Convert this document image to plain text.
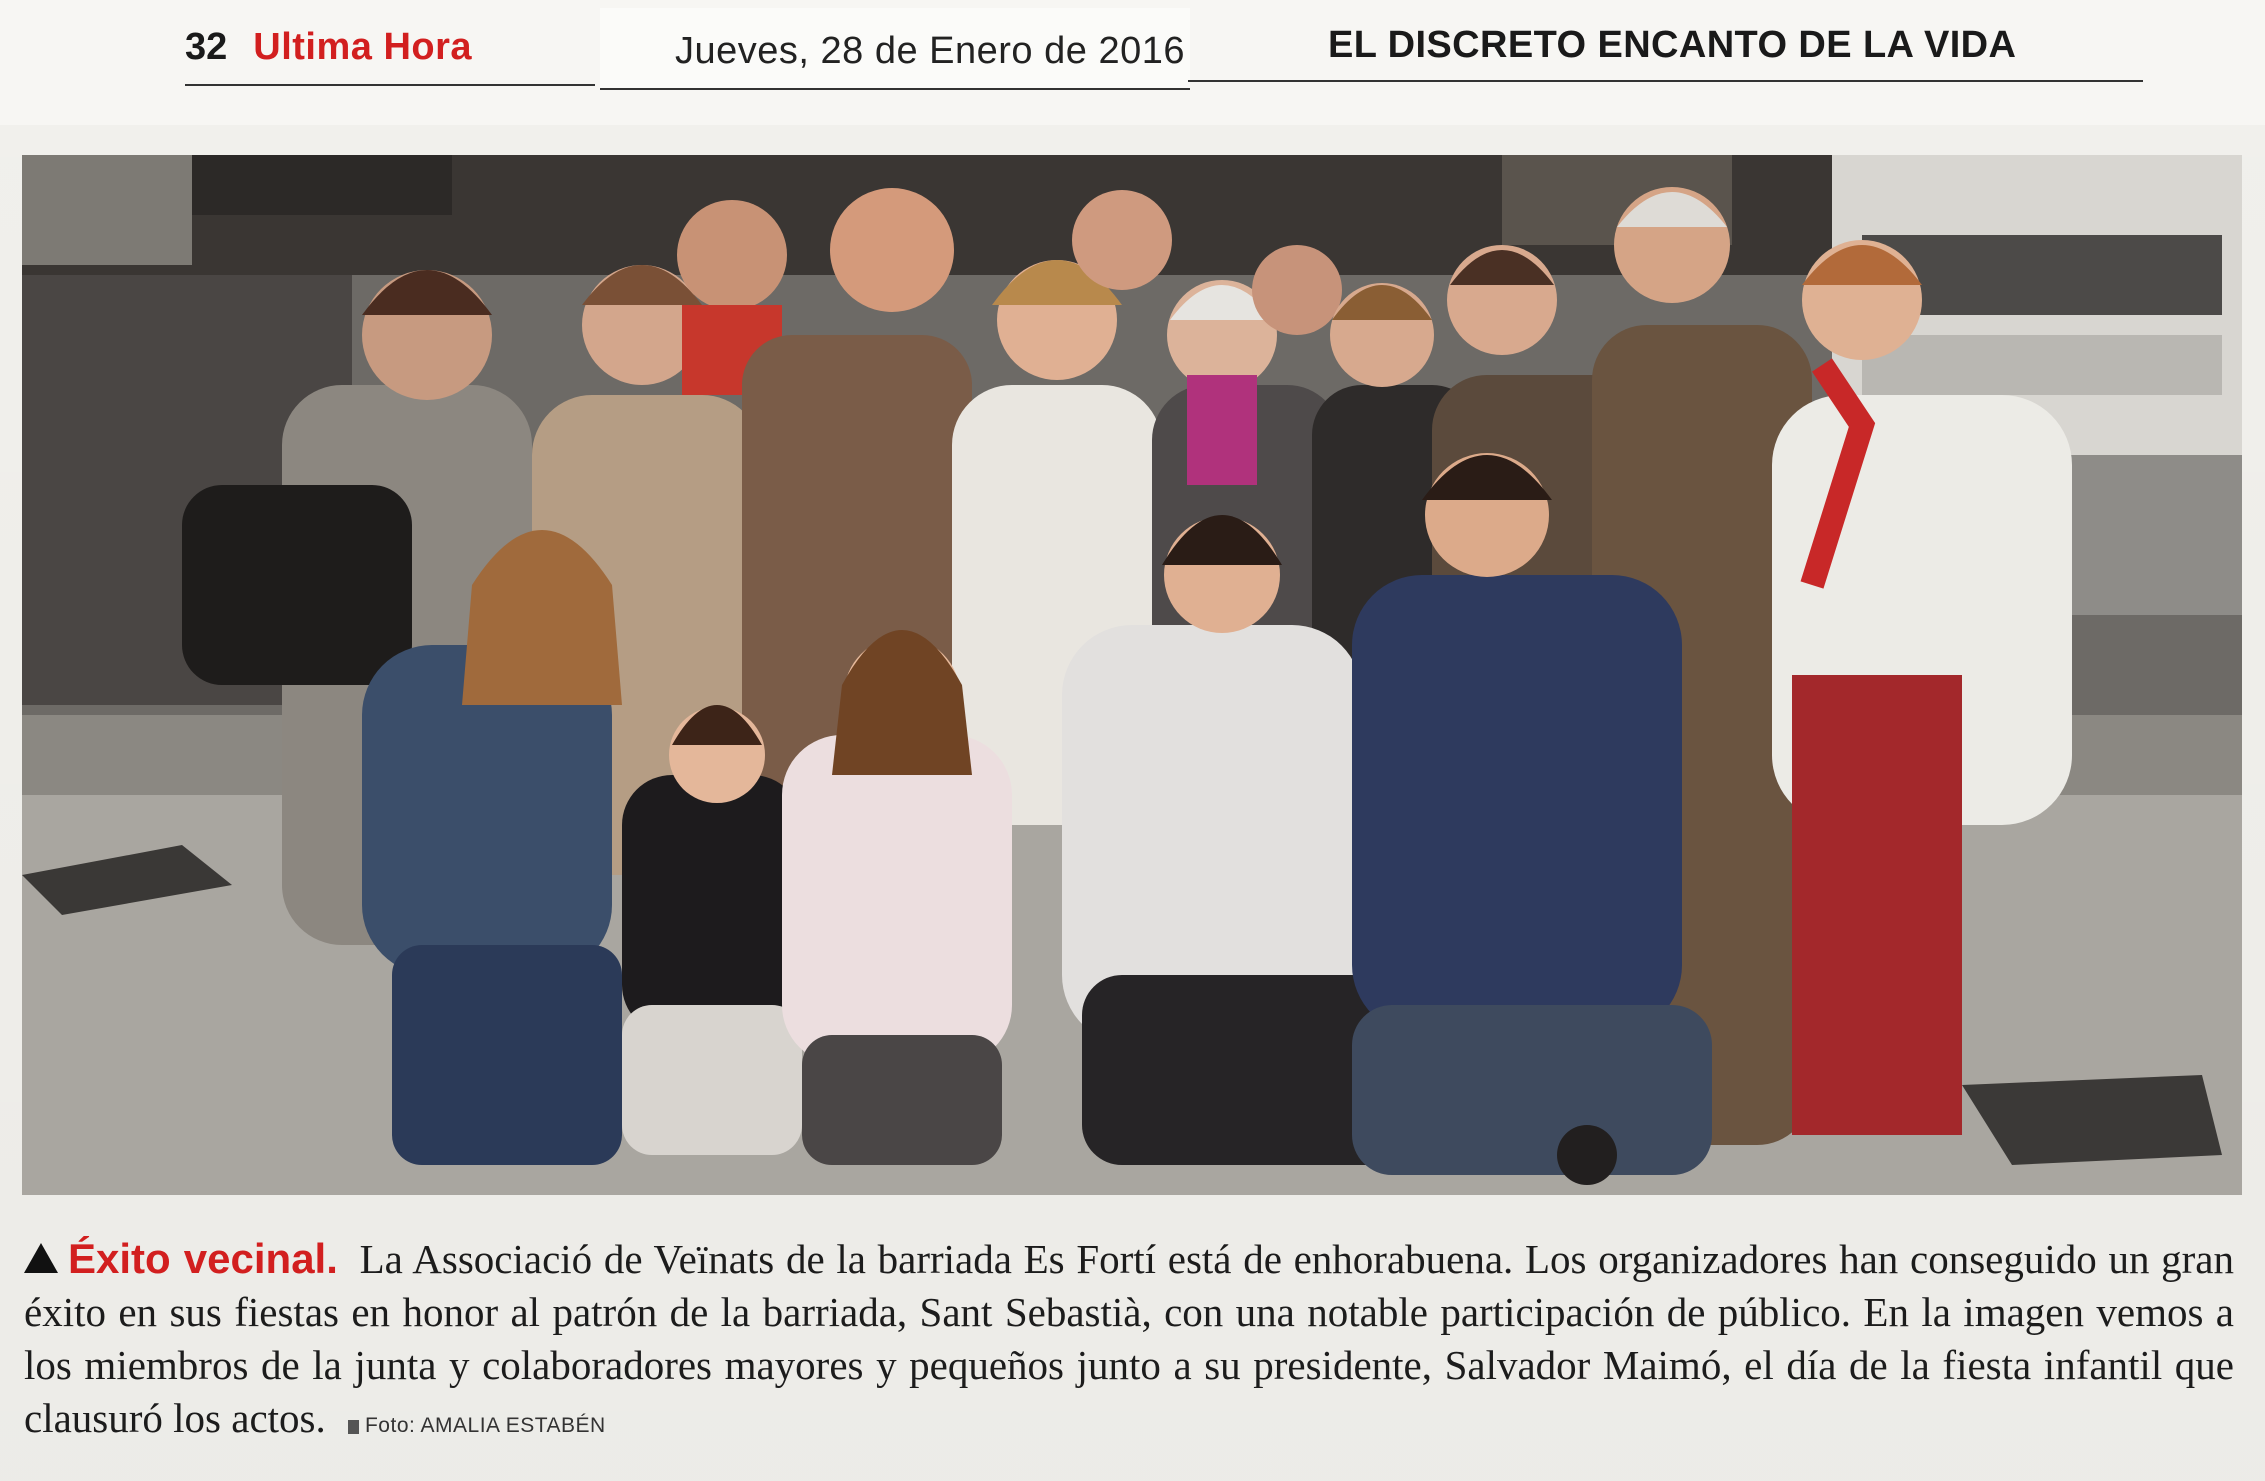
32 Ultima Hora	Jueves, 28 de Enero de 2016	EL DISCRETO ENCANTO DE LA VIDA
Éxito vecinal. La Associació de Veïnats de la barriada Es Fortí está de enhorabuena. Los organizadores han conseguido un gran éxito en sus fiestas en honor al patrón de la barriada, Sant Sebastià, con una notable participación de público. En la imagen vemos a los miembros de la junta y colaboradores mayores y pequeños junto a su presidente, Salvador Maimó, el día de la fiesta infantil que clausuró los actos. Foto: AMALIA ESTABÉN
